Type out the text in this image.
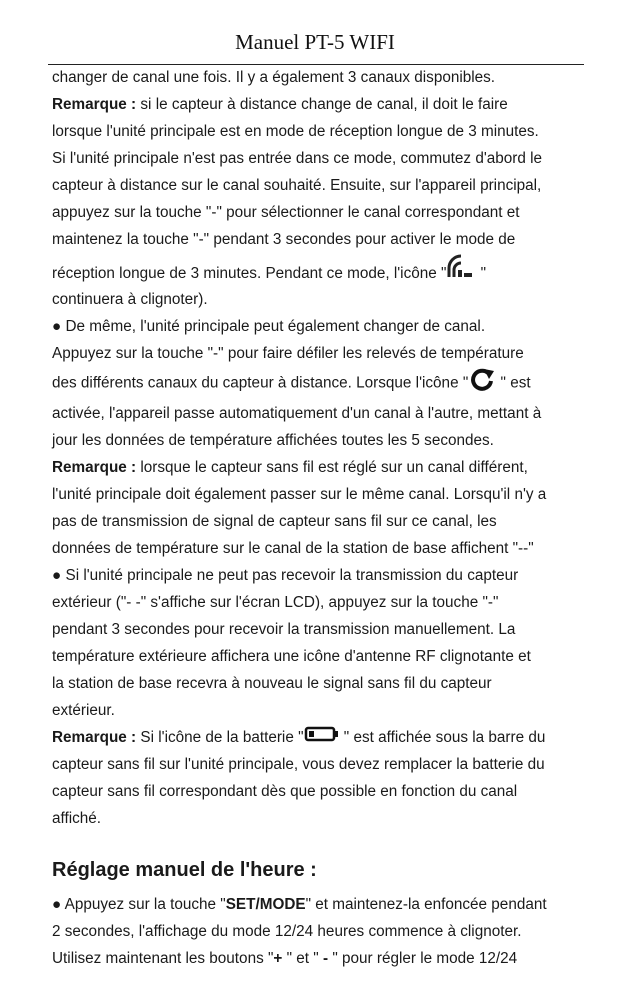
Manuel PT-5 WIFI
changer de canal une fois. Il y a également 3 canaux disponibles.
Remarque : si le capteur à distance change de canal, il doit le faire
lorsque l'unité principale est en mode de réception longue de 3 minutes.
Si l'unité principale n'est pas entrée dans ce mode, commutez d'abord le
capteur à distance sur le canal souhaité. Ensuite, sur l'appareil principal,
appuyez sur la touche "-" pour sélectionner le canal correspondant et
maintenez la touche "-" pendant 3 secondes pour activer le mode de
réception longue de 3 minutes. Pendant ce mode, l'icône " "
continuera à clignoter).
● De même, l'unité principale peut également changer de canal.
Appuyez sur la touche "-" pour faire défiler les relevés de température
des différents canaux du capteur à distance. Lorsque l'icône " " est
activée, l'appareil passe automatiquement d'un canal à l'autre, mettant à
jour les données de température affichées toutes les 5 secondes.
Remarque : lorsque le capteur sans fil est réglé sur un canal différent,
l'unité principale doit également passer sur le même canal. Lorsqu'il n'y a
pas de transmission de signal de capteur sans fil sur ce canal, les
données de température sur le canal de la station de base affichent "--"
● Si l'unité principale ne peut pas recevoir la transmission du capteur
extérieur ("- -" s'affiche sur l'écran LCD), appuyez sur la touche "-"
pendant 3 secondes pour recevoir la transmission manuellement. La
température extérieure affichera une icône d'antenne RF clignotante et
la station de base recevra à nouveau le signal sans fil du capteur
extérieur.
Remarque : Si l'icône de la batterie " " est affichée sous la barre du
capteur sans fil sur l'unité principale, vous devez remplacer la batterie du
capteur sans fil correspondant dès que possible en fonction du canal
affiché.
Réglage manuel de l'heure :
● Appuyez sur la touche "SET/MODE" et maintenez-la enfoncée pendant
2 secondes, l'affichage du mode 12/24 heures commence à clignoter.
Utilisez maintenant les boutons "+ " et " - " pour régler le mode 12/24
